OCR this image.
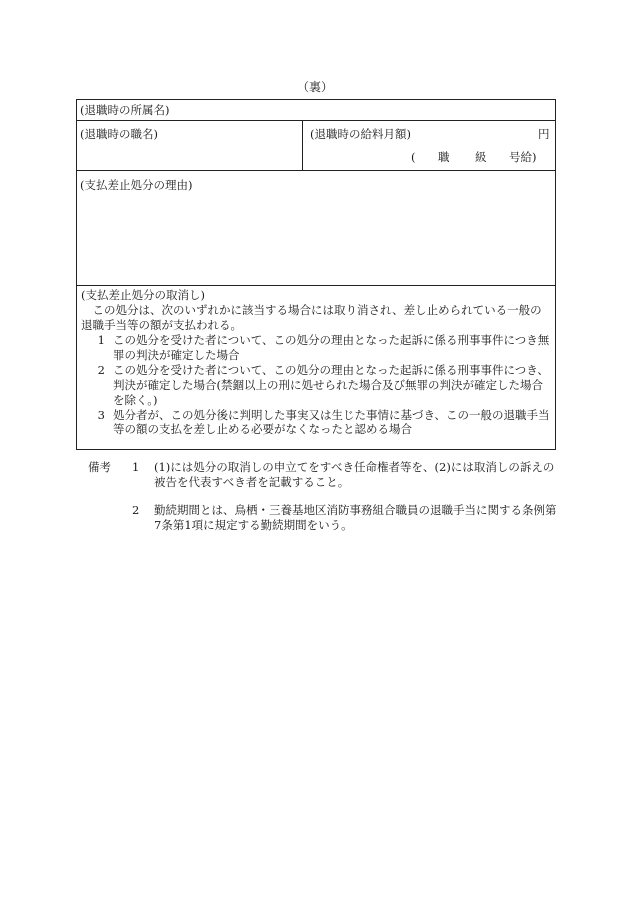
（裏）
(退職時の所属名)
(退職時の職名)	(退職時の給料月額)	円
( 職 級 号給)
(支払差止処分の理由)

(支払差止処分の取消し)

この処分は、次のいずれかに該当する場合には取り消され、差し止められている一般の退職手当等の額が支払われる。

1 この処分を受けた者について、この処分の理由となった起訴に係る刑事事件につき無罪の判決が確定した場合
2 この処分を受けた者について、この処分の理由となった起訴に係る刑事事件につき、判決が確定した場合(禁錮以上の刑に処せられた場合及び無罪の判決が確定した場合を除く。)
3 処分者が、この処分後に判明した事実又は生じた事情に基づき、この一般の退職手当等の額の支払を差し止める必要がなくなったと認める場合
備考	1	(1)には処分の取消しの申立てをすべき任命権者等を、(2)には取消しの訴えの被告を代表すべき者を記載すること。
2	勤続期間とは、鳥栖・三養基地区消防事務組合職員の退職手当に関する条例第7条第1項に規定する勤続期間をいう。
